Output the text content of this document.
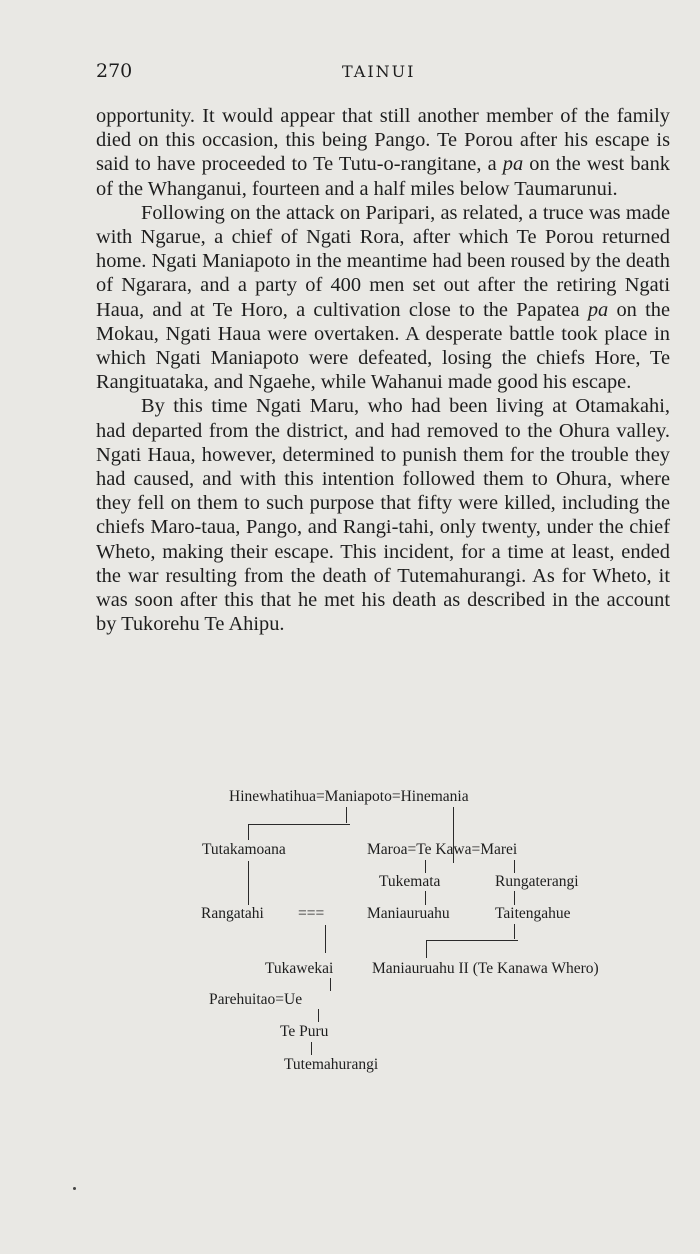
270	TAINUI

opportunity. It would appear that still another member of the family died on this occasion, this being Pango. Te Porou after his escape is said to have proceeded to Te Tutu-o-rangitane, a pa on the west bank of the Whanganui, fourteen and a half miles below Taumarunui.

Following on the attack on Paripari, as related, a truce was made with Ngarue, a chief of Ngati Rora, after which Te Porou returned home. Ngati Maniapoto in the meantime had been roused by the death of Ngarara, and a party of 400 men set out after the retiring Ngati Haua, and at Te Horo, a cultivation close to the Papatea pa on the Mokau, Ngati Haua were overtaken. A desperate battle took place in which Ngati Maniapoto were defeated, losing the chiefs Hore, Te Rangituataka, and Ngaehe, while Wahanui made good his escape.

By this time Ngati Maru, who had been living at Otamakahi, had departed from the district, and had removed to the Ohura valley. Ngati Haua, however, determined to punish them for the trouble they had caused, and with this intention followed them to Ohura, where they fell on them to such purpose that fifty were killed, including the chiefs Maro-taua, Pango, and Rangi-tahi, only twenty, under the chief Wheto, making their escape. This incident, for a time at least, ended the war resulting from the death of Tutemahurangi. As for Wheto, it was soon after this that he met his death as described in the account by Tukorehu Te Ahipu.

Hinewhatihua=Maniapoto=Hinemania
Tutakamoana	Maroa=Te Kawa=Marei
Tukemata	Rungaterangi
Rangatahi ===	Maniauruahu	Taitengahue
Tukawekai Maniauruahu II (Te Kanawa Whero)
Parehuitao=Ue
Te Puru
Tutemahurangi
